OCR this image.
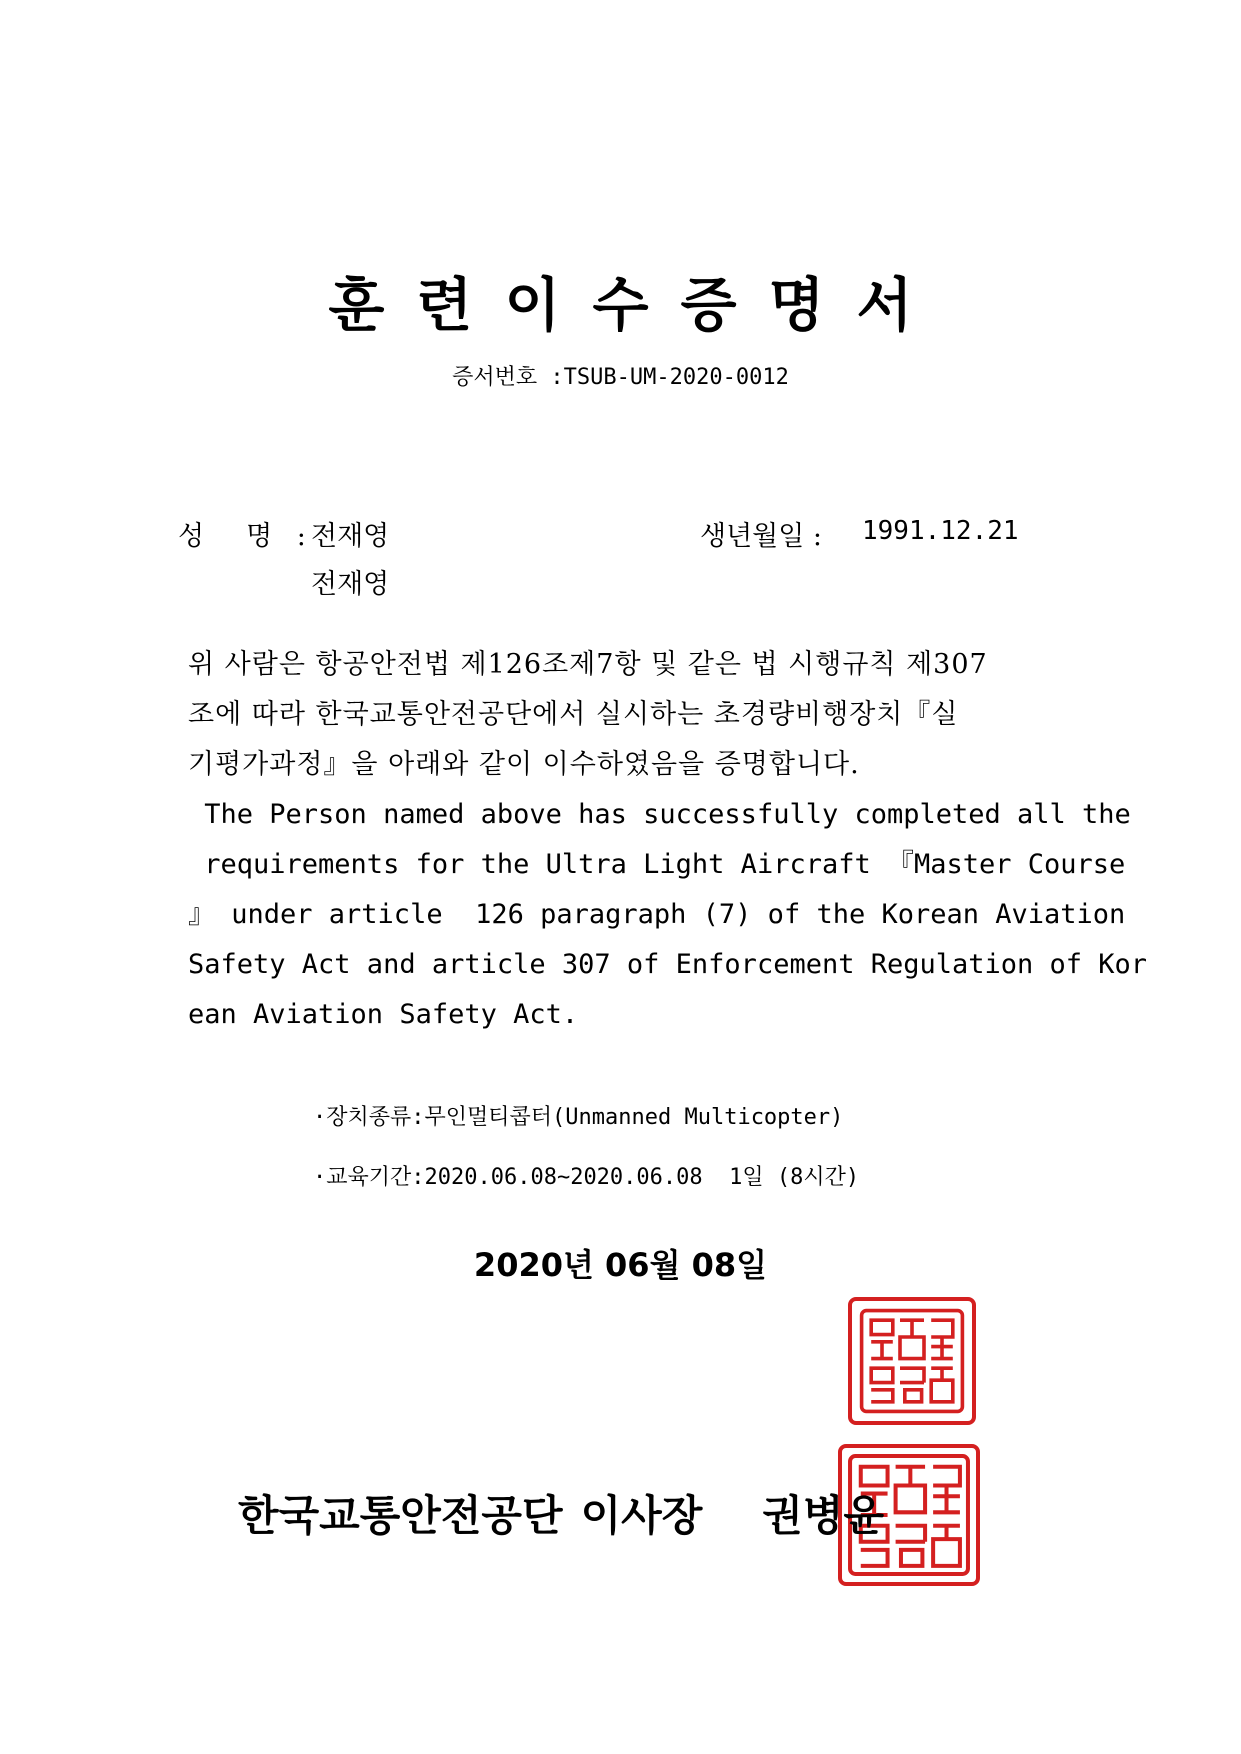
훈련이수증명서
증서번호 :TSUB-UM-2020-0012
성 명 : 전재영
전재영
생년월일 : 1991.12.21
위 사람은 항공안전법 제126조제7항 및 같은 법 시행규칙 제307
조에 따라 한국교통안전공단에서 실시하는 초경량비행장치『실
기평가과정』을 아래와 같이 이수하였음을 증명합니다.
The Person named above has successfully completed all the
requirements for the Ultra Light Aircraft 『Master Course
』 under article  126 paragraph (7) of the Korean Aviation
Safety Act and article 307 of Enforcement Regulation of Kor
ean Aviation Safety Act.
·장치종류:무인멀티콥터(Unmanned Multicopter)
·교육기간:2020.06.08~2020.06.08  1일 (8시간)
2020년 06월 08일
한국교통안전공단 이사장 권병윤
